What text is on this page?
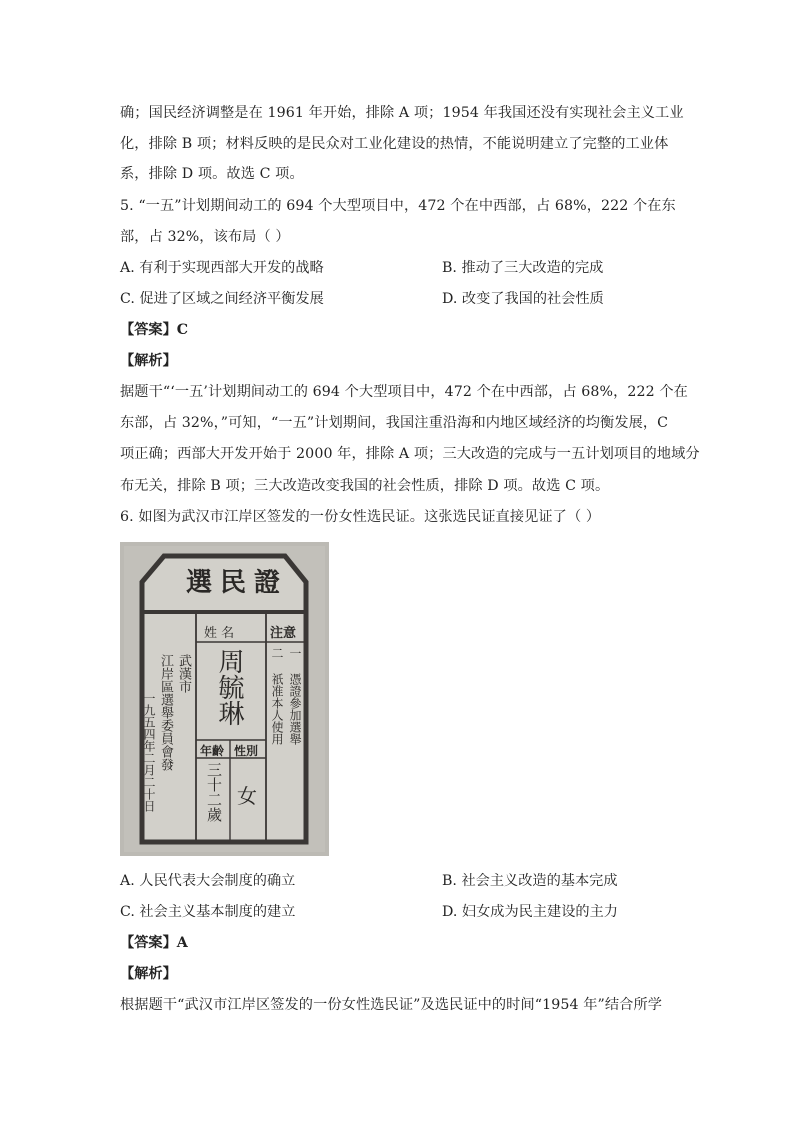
确；国民经济调整是在 1961 年开始，排除 A 项；1954 年我国还没有实现社会主义工业
化，排除 B 项；材料反映的是民众对工业化建设的热情，不能说明建立了完整的工业体
系，排除 D 项。故选 C 项。
5. “一五”计划期间动工的 694 个大型项目中，472 个在中西部，占 68%，222 个在东
部，占 32%，该布局（ ）
A. 有利于实现西部大开发的战略	B. 推动了三大改造的完成
C. 促进了区域之间经济平衡发展	D. 改变了我国的社会性质
【答案】C
【解析】
据题干“‘一五’计划期间动工的 694 个大型项目中，472 个在中西部，占 68%，222 个在
东部，占 32%，”可知，“一五”计划期间，我国注重沿海和内地区域经济的均衡发展，C
项正确；西部大开发开始于 2000 年，排除 A 项；三大改造的完成与一五计划项目的地域分
布无关，排除 B 项；三大改造改变我国的社会性质，排除 D 项。故选 C 项。
6. 如图为武汉市江岸区签发的一份女性选民证。这张选民证直接见证了（ ）
選民證
姓 名
周毓琳
年齡 性別
三十二歲 女
武漢市
江岸區選舉委員會發
一九五四年二月二十日
注意
一 憑證參加選舉
二 祇准本人使用
A. 人民代表大会制度的确立	B. 社会主义改造的基本完成
C. 社会主义基本制度的建立	D. 妇女成为民主建设的主力
【答案】A
【解析】
根据题干“武汉市江岸区签发的一份女性选民证”及选民证中的时间“1954 年”结合所学
